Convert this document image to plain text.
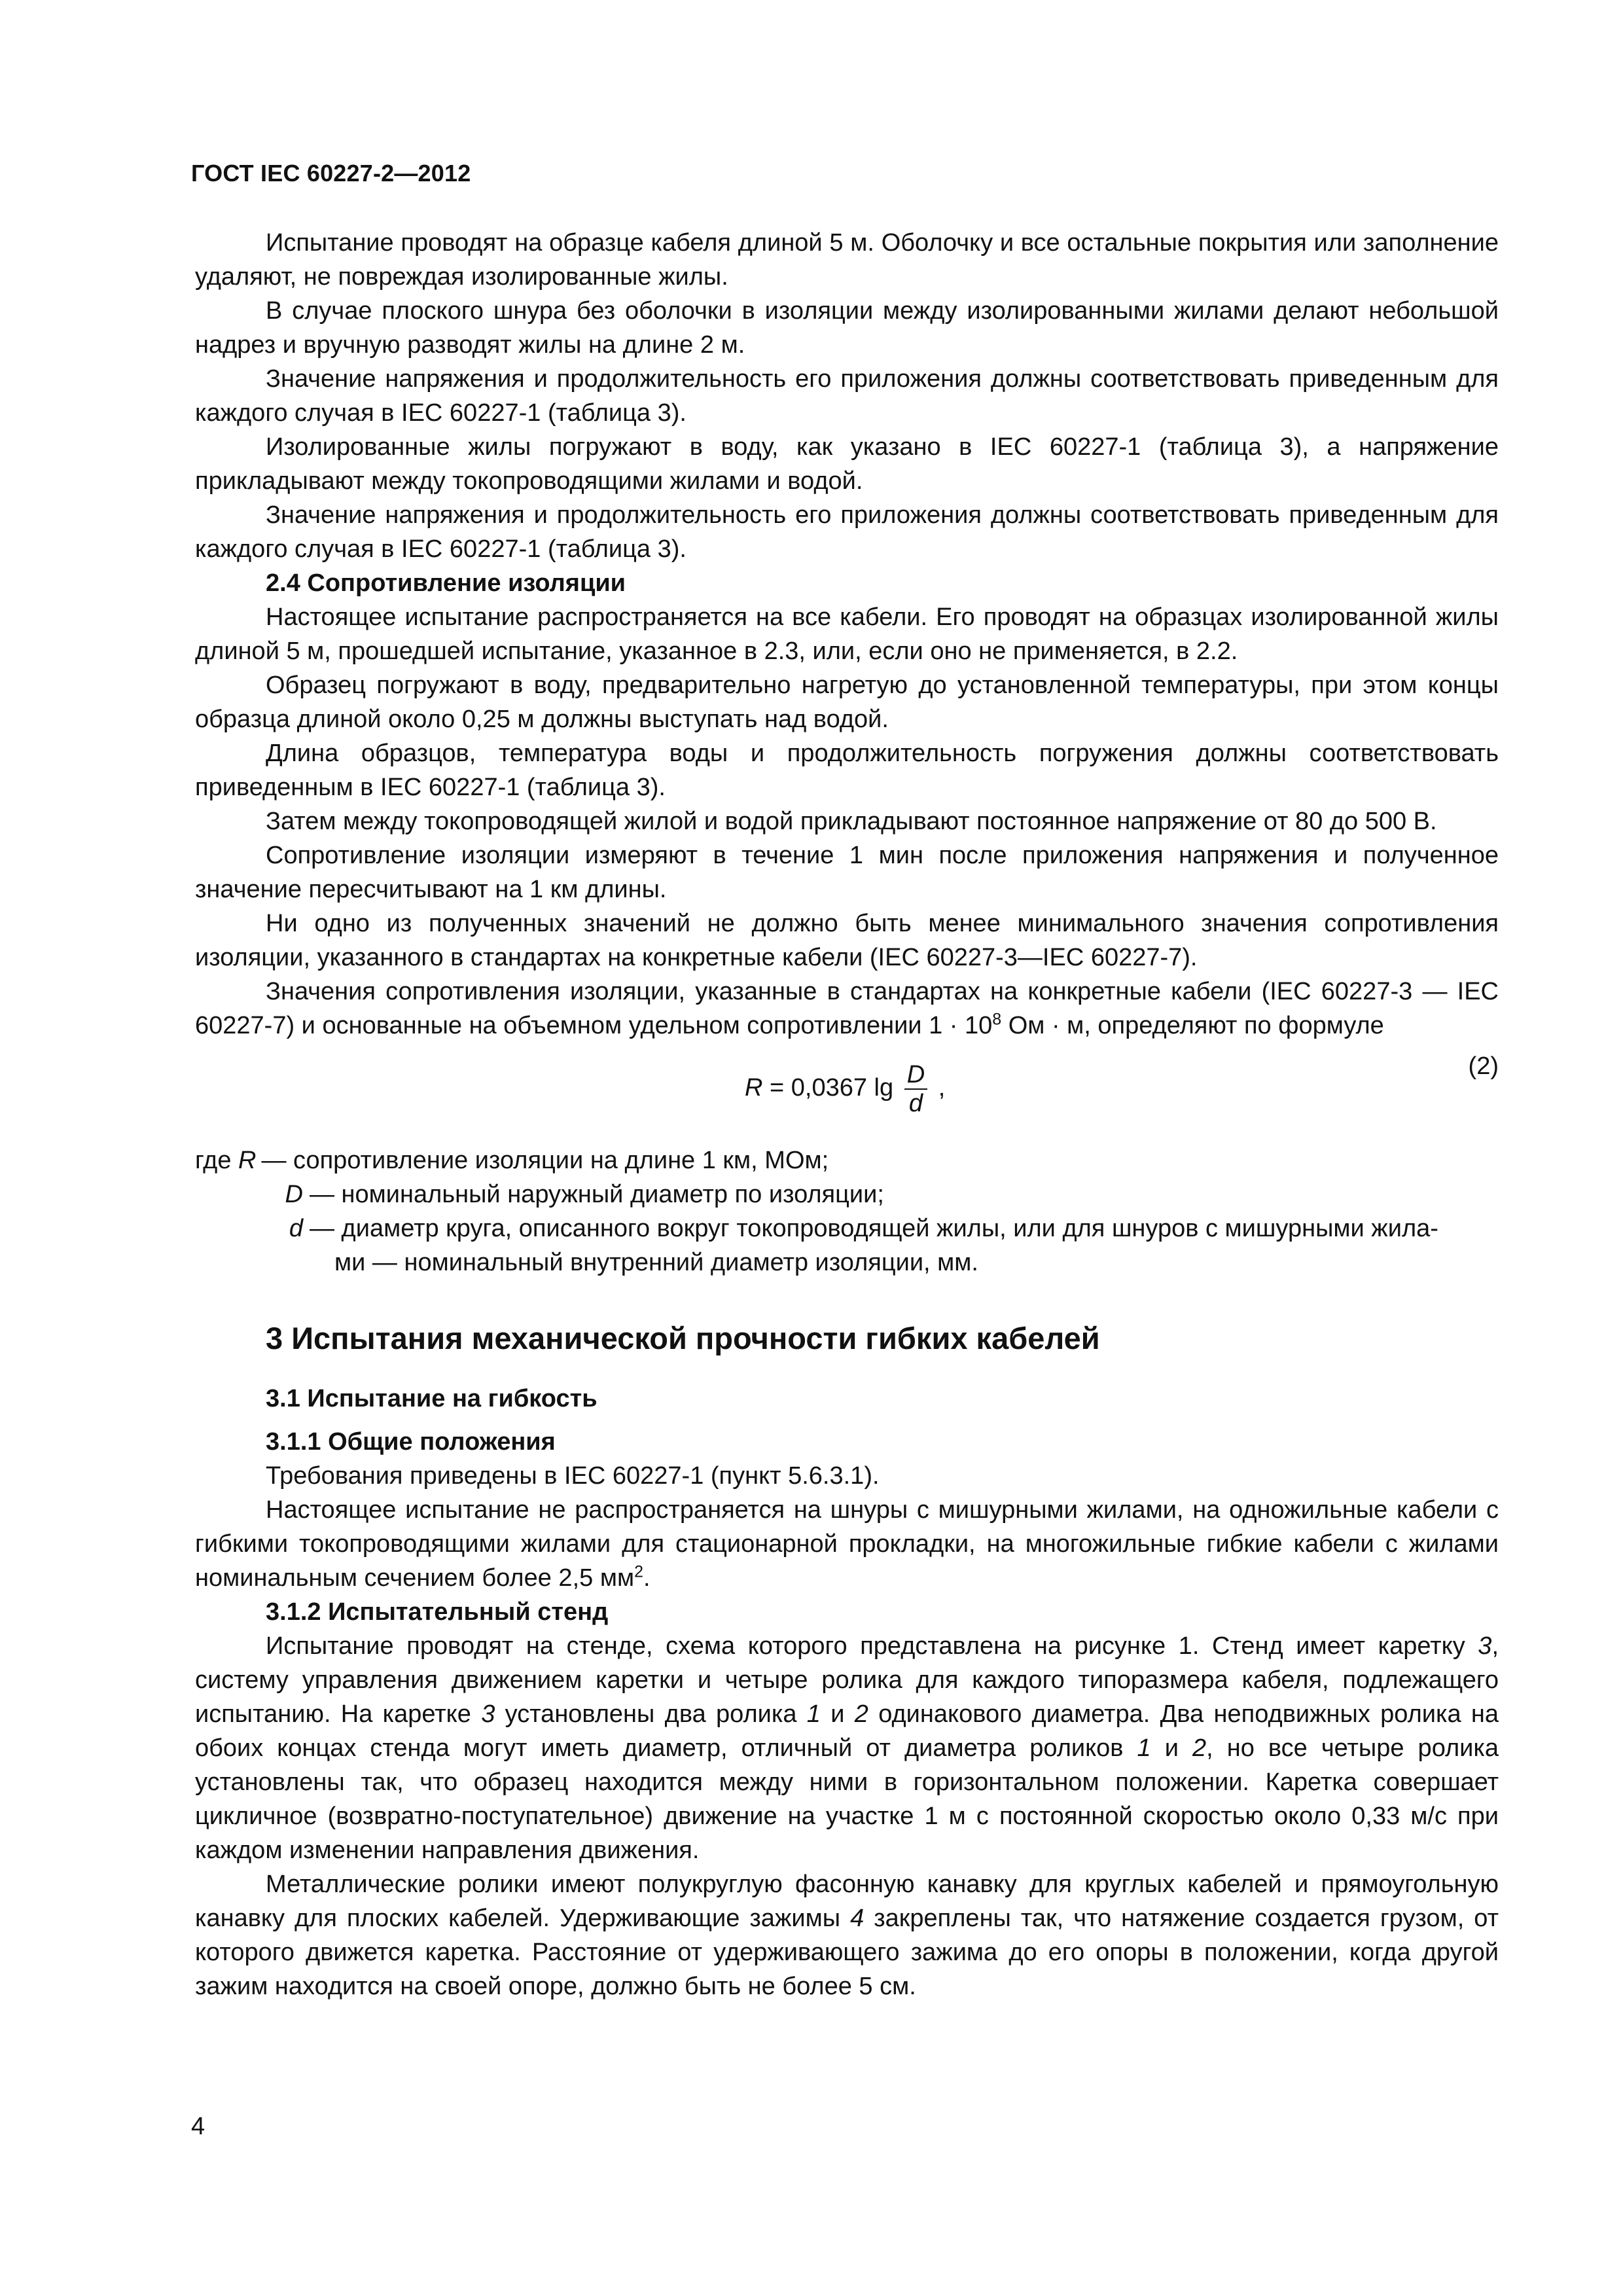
ГОСТ IEC 60227-2—2012

Испытание проводят на образце кабеля длиной 5 м. Оболочку и все остальные покрытия или заполнение удаляют, не повреждая изолированные жилы.

В случае плоского шнура без оболочки в изоляции между изолированными жилами делают небольшой надрез и вручную разводят жилы на длине 2 м.

Значение напряжения и продолжительность его приложения должны соответствовать приведенным для каждого случая в IEC 60227-1 (таблица 3).

Изолированные жилы погружают в воду, как указано в IEC 60227-1 (таблица 3), а напряжение прикладывают между токопроводящими жилами и водой.

Значение напряжения и продолжительность его приложения должны соответствовать приведенным для каждого случая в IEC 60227-1 (таблица 3).

2.4 Сопротивление изоляции

Настоящее испытание распространяется на все кабели. Его проводят на образцах изолированной жилы длиной 5 м, прошедшей испытание, указанное в 2.3, или, если оно не применяется, в 2.2.

Образец погружают в воду, предварительно нагретую до установленной температуры, при этом концы образца длиной около 0,25 м должны выступать над водой.

Длина образцов, температура воды и продолжительность погружения должны соответствовать приведенным в IEC 60227-1 (таблица 3).

Затем между токопроводящей жилой и водой прикладывают постоянное напряжение от 80 до 500 В.

Сопротивление изоляции измеряют в течение 1 мин после приложения напряжения и полученное значение пересчитывают на 1 км длины.

Ни одно из полученных значений не должно быть менее минимального значения сопротивления изоляции, указанного в стандартах на конкретные кабели (IEC 60227-3—IEC 60227-7).

Значения сопротивления изоляции, указанные в стандартах на конкретные кабели (IEC 60227-3 — IEC 60227-7) и основанные на объемном удельном сопротивлении $1 \cdot 10^8$ Ом · м, определяют по формуле

R = 0,0367 $\lg \frac{D}{d}$ ,
(2)
где R — сопротивление изоляции на длине 1 км, МОм;
D — номинальный наружный диаметр по изоляции;
d — диаметр круга, описанного вокруг токопроводящей жилы, или для шнуров с мишурными жила-
ми — номинальный внутренний диаметр изоляции, мм.

3 Испытания механической прочности гибких кабелей

3.1 Испытание на гибкость

3.1.1 Общие положения

Требования приведены в IEC 60227-1 (пункт 5.6.3.1).

Настоящее испытание не распространяется на шнуры с мишурными жилами, на одножильные кабели с гибкими токопроводящими жилами для стационарной прокладки, на многожильные гибкие кабели с жилами номинальным сечением более 2,5 $мм^2$.

3.1.2 Испытательный стенд

Испытание проводят на стенде, схема которого представлена на рисунке 1. Стенд имеет каретку 3, систему управления движением каретки и четыре ролика для каждого типоразмера кабеля, подлежащего испытанию. На каретке 3 установлены два ролика 1 и 2 одинакового диаметра. Два неподвижных ролика на обоих концах стенда могут иметь диаметр, отличный от диаметра роликов 1 и 2, но все четыре ролика установлены так, что образец находится между ними в горизонтальном положении. Каретка совершает цикличное (возвратно-поступательное) движение на участке 1 м с постоянной скоростью около 0,33 м/с при каждом изменении направления движения.

Металлические ролики имеют полукруглую фасонную канавку для круглых кабелей и прямоугольную канавку для плоских кабелей. Удерживающие зажимы 4 закреплены так, что натяжение создается грузом, от которого движется каретка. Расстояние от удерживающего зажима до его опоры в положении, когда другой зажим находится на своей опоре, должно быть не более 5 см.

4
